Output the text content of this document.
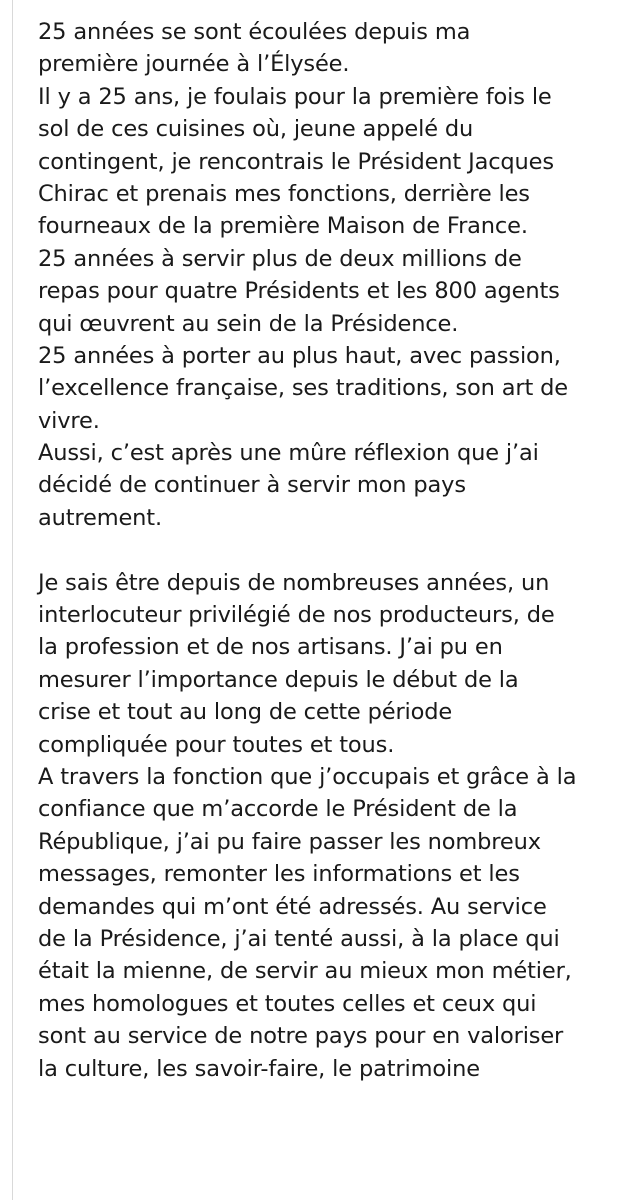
25 années se sont écoulées depuis ma
première journée à l’Élysée.
Il y a 25 ans, je foulais pour la première fois le
sol de ces cuisines où, jeune appelé du
contingent, je rencontrais le Président Jacques
Chirac et prenais mes fonctions, derrière les
fourneaux de la première Maison de France.
25 années à servir plus de deux millions de
repas pour quatre Présidents et les 800 agents
qui œuvrent au sein de la Présidence.
25 années à porter au plus haut, avec passion,
l’excellence française, ses traditions, son art de
vivre.
Aussi, c’est après une mûre réflexion que j’ai
décidé de continuer à servir mon pays
autrement.
Je sais être depuis de nombreuses années, un
interlocuteur privilégié de nos producteurs, de
la profession et de nos artisans. J’ai pu en
mesurer l’importance depuis le début de la
crise et tout au long de cette période
compliquée pour toutes et tous.
A travers la fonction que j’occupais et grâce à la
confiance que m’accorde le Président de la
République, j’ai pu faire passer les nombreux
messages, remonter les informations et les
demandes qui m’ont été adressés. Au service
de la Présidence, j’ai tenté aussi, à la place qui
était la mienne, de servir au mieux mon métier,
mes homologues et toutes celles et ceux qui
sont au service de notre pays pour en valoriser
la culture, les savoir-faire, le patrimoine
